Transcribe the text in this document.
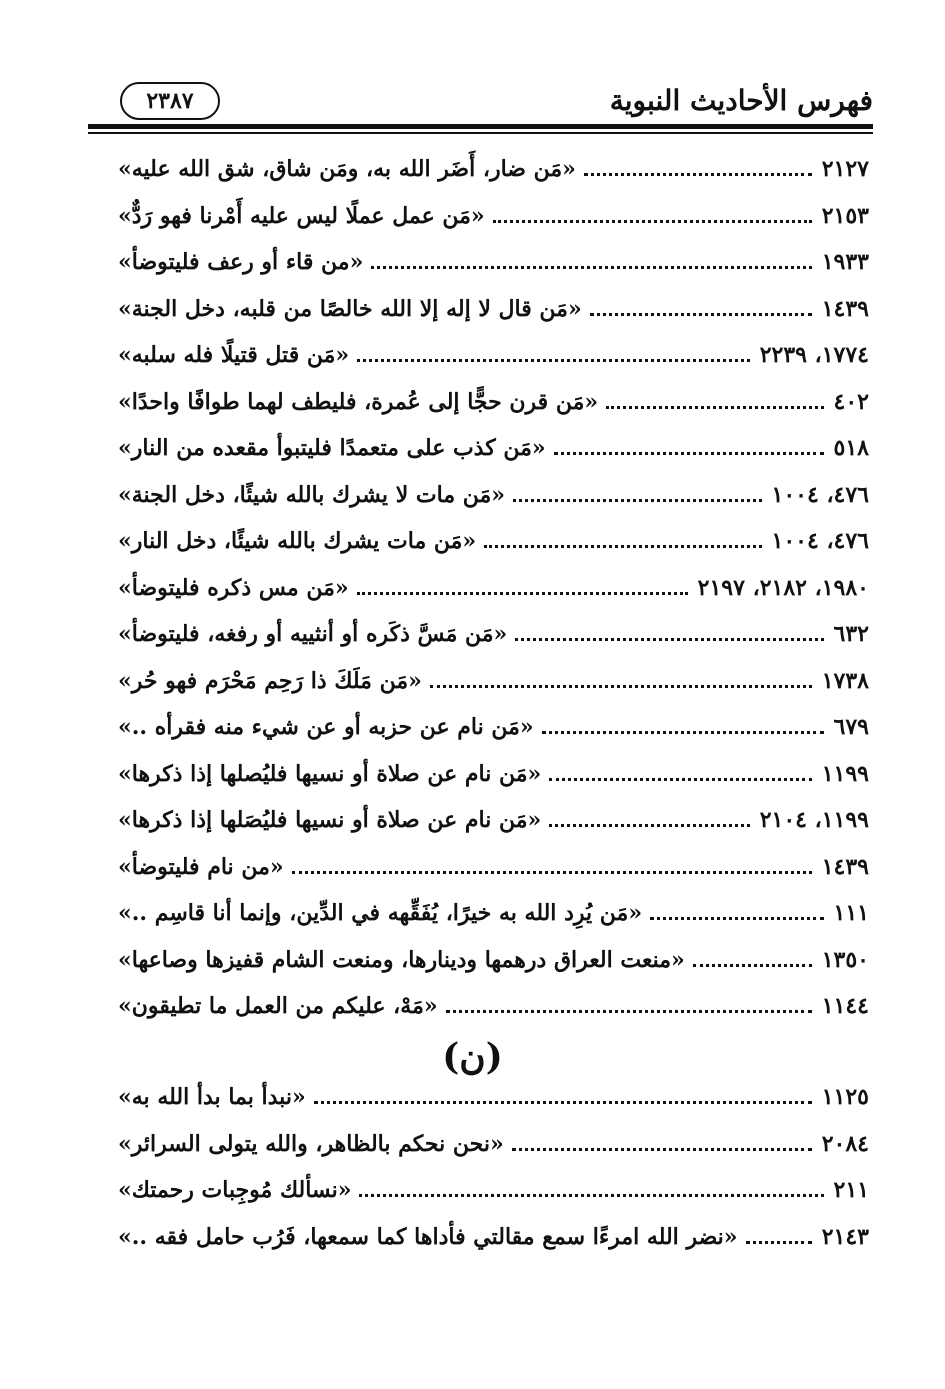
فهرس الأحاديث النبوية
٢٣٨٧
«مَن ضار، أَضَر الله به، ومَن شاق، شق الله عليه»	٢١٢٧
«مَن عمل عملًا ليس عليه أَمْرنا فهو رَدٌّ»	٢١٥٣
«من قاء أو رعف فليتوضأ»	١٩٣٣
«مَن قال لا إله إلا الله خالصًا من قلبه، دخل الجنة»	١٤٣٩
«مَن قتل قتيلًا فله سلبه»	١٧٧٤، ٢٢٣٩
«مَن قرن حجًّا إلى عُمرة، فليطف لهما طوافًا واحدًا»	٤٠٢
«مَن كذب على متعمدًا فليتبوأ مقعده من النار»	٥١٨
«مَن مات لا يشرك بالله شيئًا، دخل الجنة»	٤٧٦، ١٠٠٤
«مَن مات يشرك بالله شيئًا، دخل النار»	٤٧٦، ١٠٠٤
«مَن مس ذكره فليتوضأ»	١٩٨٠، ٢١٨٢، ٢١٩٧
«مَن مَسَّ ذكَره أو أنثييه أو رفغه، فليتوضأ»	٦٣٢
«مَن مَلَكَ ذا رَحِم مَحْرَم فهو حُر»	١٧٣٨
«مَن نام عن حزبه أو عن شيء منه فقرأه ..»	٦٧٩
«مَن نام عن صلاة أو نسيها فليُصلها إذا ذكرها»	١١٩٩
«مَن نام عن صلاة أو نسيها فليُصَلها إذا ذكرها»	١١٩٩، ٢١٠٤
«من نام فليتوضأ»	١٤٣٩
«مَن يُرِد الله به خيرًا، يُفَقِّهه في الدِّين، وإنما أنا قاسِم ..»	١١١
«منعت العراق درهمها ودينارها، ومنعت الشام قفيزها وصاعها»	١٣٥٠
«مَهْ، عليكم من العمل ما تطيقون»	١١٤٤
(ن)
«نبدأ بما بدأ الله به»	١١٢٥
«نحن نحكم بالظاهر، والله يتولى السرائر»	٢٠٨٤
«نسألك مُوجِبات رحمتك»	٢١١
«نضر الله امرءًا سمع مقالتي فأداها كما سمعها، فَرُب حامل فقه ..»	٢١٤٣
